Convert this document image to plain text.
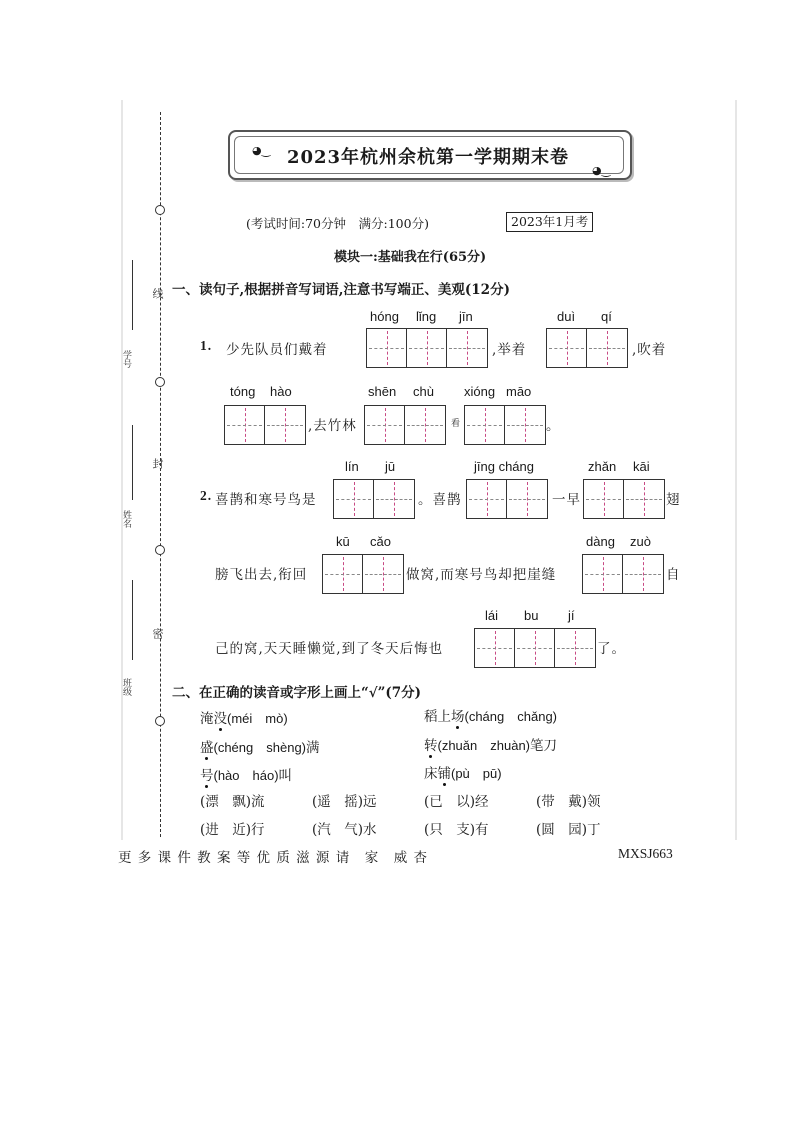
线
封
密
学号
姓名
班级
◕‿
◕‿
2023年杭州余杭第一学期期末卷
(考试时间:70分钟　满分:100分)	2023年1月考
模块一:基础我在行(65分)
一、读句子,根据拼音写词语,注意书写端正、美观(12分)
hóng lǐng jīn	duì qí
1. 少先队员们戴着	,举着	,吹着
tóng hào	shēn chù xióng māo
,去竹林	看	。
lín jū	jīng cháng	zhǎn kāi
2. 喜鹊和寒号鸟是	。喜鹊	一早	翅
kū cǎo	dàng zuò
膀飞出去,衔回	做窝,而寒号鸟却把崖缝	自
lái bu jí
己的窝,天天睡懒觉,到了冬天后悔也	了。
二、在正确的读音或字形上画上“√”(7分)
淹没(méi　mò)	稻上场(cháng　chǎng)
盛(chéng　shèng)满	转(zhuǎn　zhuàn)笔刀
号(hào　háo)叫	床铺(pù　pū)
(漂　飘)流	(遥　摇)远	(已　以)经	(带　戴)领
(进　近)行	(汽　气)水	(只　支)有	(圆　园)丁
更 多 课 件 教 案 等 优 质 滋 源 请　家　威 杏	MXSJ663
